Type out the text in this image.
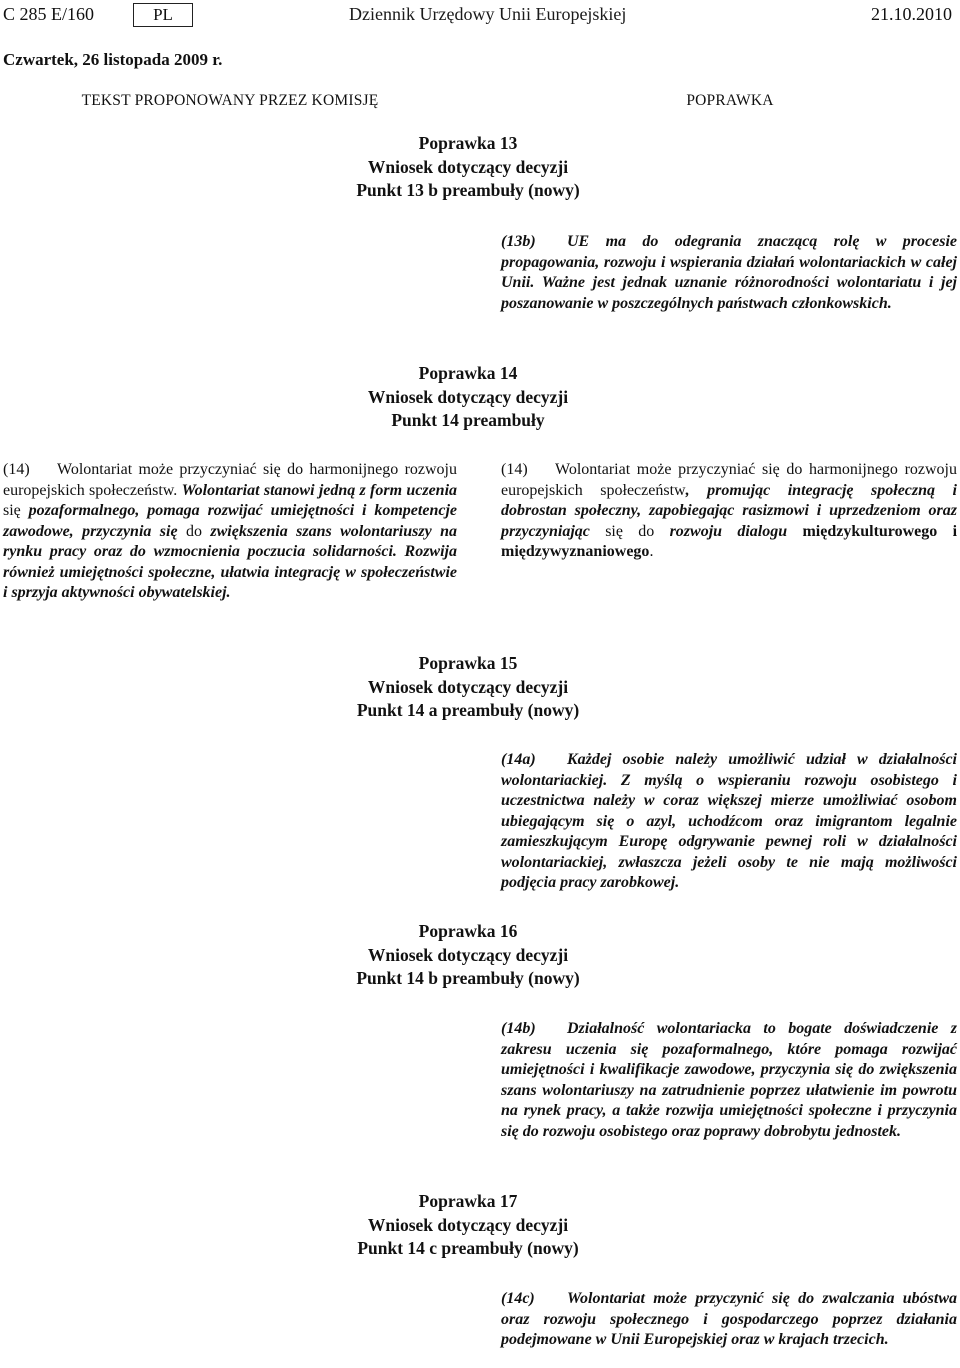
C 285 E/160	PL	Dziennik Urzędowy Unii Europejskiej	21.10.2010
Czwartek, 26 listopada 2009 r.
TEKST PROPONOWANY PRZEZ KOMISJĘ	POPRAWKA
Poprawka 13
Wniosek dotyczący decyzji
Punkt 13 b preambuły (nowy)
(13b) UE ma do odegrania znaczącą rolę w procesie propagowania, rozwoju i wspierania działań wolontariackich w całej Unii. Ważne jest jednak uznanie różnorodności wolontariatu i jej poszanowanie w poszczególnych państwach członkowskich.
Poprawka 14
Wniosek dotyczący decyzji
Punkt 14 preambuły
(14) Wolontariat może przyczyniać się do harmonijnego rozwoju europejskich społeczeństw. Wolontariat stanowi jedną z form uczenia się pozaformalnego, pomaga rozwijać umiejętności i kompetencje zawodowe, przyczynia się do zwiększenia szans wolontariuszy na rynku pracy oraz do wzmocnienia poczucia solidarności. Rozwija również umiejętności społeczne, ułatwia integrację w społeczeństwie i sprzyja aktywności obywatelskiej.
(14) Wolontariat może przyczyniać się do harmonijnego rozwoju europejskich społeczeństw, promując integrację społeczną i dobrostan społeczny, zapobiegając rasizmowi i uprzedzeniom oraz przyczyniając się do rozwoju dialogu międzykulturowego i międzywyznaniowego.
Poprawka 15
Wniosek dotyczący decyzji
Punkt 14 a preambuły (nowy)
(14a) Każdej osobie należy umożliwić udział w działalności wolontariackiej. Z myślą o wspieraniu rozwoju osobistego i uczestnictwa należy w coraz większej mierze umożliwiać osobom ubiegającym się o azyl, uchodźcom oraz imigrantom legalnie zamieszkującym Europę odgrywanie pewnej roli w działalności wolontariackiej, zwłaszcza jeżeli osoby te nie mają możliwości podjęcia pracy zarobkowej.
Poprawka 16
Wniosek dotyczący decyzji
Punkt 14 b preambuły (nowy)
(14b) Działalność wolontariacka to bogate doświadczenie z zakresu uczenia się pozaformalnego, które pomaga rozwijać umiejętności i kwalifikacje zawodowe, przyczynia się do zwiększenia szans wolontariuszy na zatrudnienie poprzez ułatwienie im powrotu na rynek pracy, a także rozwija umiejętności społeczne i przyczynia się do rozwoju osobistego oraz poprawy dobrobytu jednostek.
Poprawka 17
Wniosek dotyczący decyzji
Punkt 14 c preambuły (nowy)
(14c) Wolontariat może przyczynić się do zwalczania ubóstwa oraz rozwoju społecznego i gospodarczego poprzez działania podejmowane w Unii Europejskiej oraz w krajach trzecich.
